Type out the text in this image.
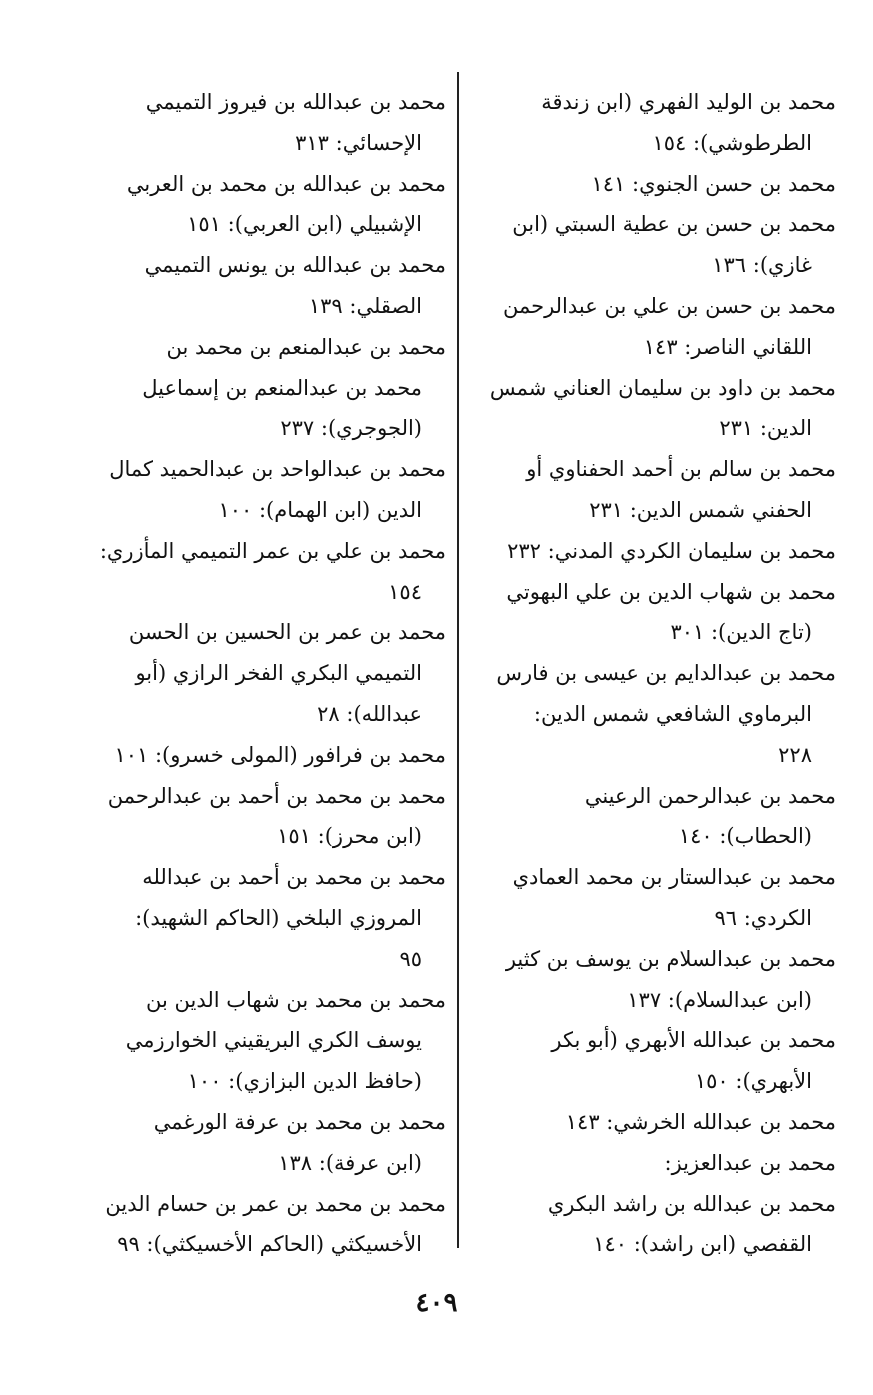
محمد بن الوليد الفهري (ابن زندقة
الطرطوشي): ١٥٤
محمد بن حسن الجنوي: ١٤١
محمد بن حسن بن عطية السبتي (ابن
غازي): ١٣٦
محمد بن حسن بن علي بن عبدالرحمن
اللقاني الناصر: ١٤٣
محمد بن داود بن سليمان العناني شمس
الدين: ٢٣١
محمد بن سالم بن أحمد الحفناوي أو
الحفني شمس الدين: ٢٣١
محمد بن سليمان الكردي المدني: ٢٣٢
محمد بن شهاب الدين بن علي البهوتي
(تاج الدين): ٣٠١
محمد بن عبدالدايم بن عيسى بن فارس
البرماوي الشافعي شمس الدين:
٢٢٨
محمد بن عبدالرحمن الرعيني
(الحطاب): ١٤٠
محمد بن عبدالستار بن محمد العمادي
الكردي: ٩٦
محمد بن عبدالسلام بن يوسف بن كثير
(ابن عبدالسلام): ١٣٧
محمد بن عبدالله الأبهري (أبو بكر
الأبهري): ١٥٠
محمد بن عبدالله الخرشي: ١٤٣
محمد بن عبدالعزيز:
محمد بن عبدالله بن راشد البكري
القفصي (ابن راشد): ١٤٠
محمد بن عبدالله بن فيروز التميمي
الإحسائي: ٣١٣
محمد بن عبدالله بن محمد بن العربي
الإشبيلي (ابن العربي): ١٥١
محمد بن عبدالله بن يونس التميمي
الصقلي: ١٣٩
محمد بن عبدالمنعم بن محمد بن
محمد بن عبدالمنعم بن إسماعيل
(الجوجري): ٢٣٧
محمد بن عبدالواحد بن عبدالحميد كمال
الدين (ابن الهمام): ١٠٠
محمد بن علي بن عمر التميمي المأزري:
١٥٤
محمد بن عمر بن الحسين بن الحسن
التميمي البكري الفخر الرازي (أبو
عبدالله): ٢٨
محمد بن فرافور (المولى خسرو): ١٠١
محمد بن محمد بن أحمد بن عبدالرحمن
(ابن محرز): ١٥١
محمد بن محمد بن أحمد بن عبدالله
المروزي البلخي (الحاكم الشهيد):
٩٥
محمد بن محمد بن شهاب الدين بن
يوسف الكري البريقيني الخوارزمي
(حافظ الدين البزازي): ١٠٠
محمد بن محمد بن عرفة الورغمي
(ابن عرفة): ١٣٨
محمد بن محمد بن عمر بن حسام الدين
الأخسيكثي (الحاكم الأخسيكثي): ٩٩
٤٠٩
